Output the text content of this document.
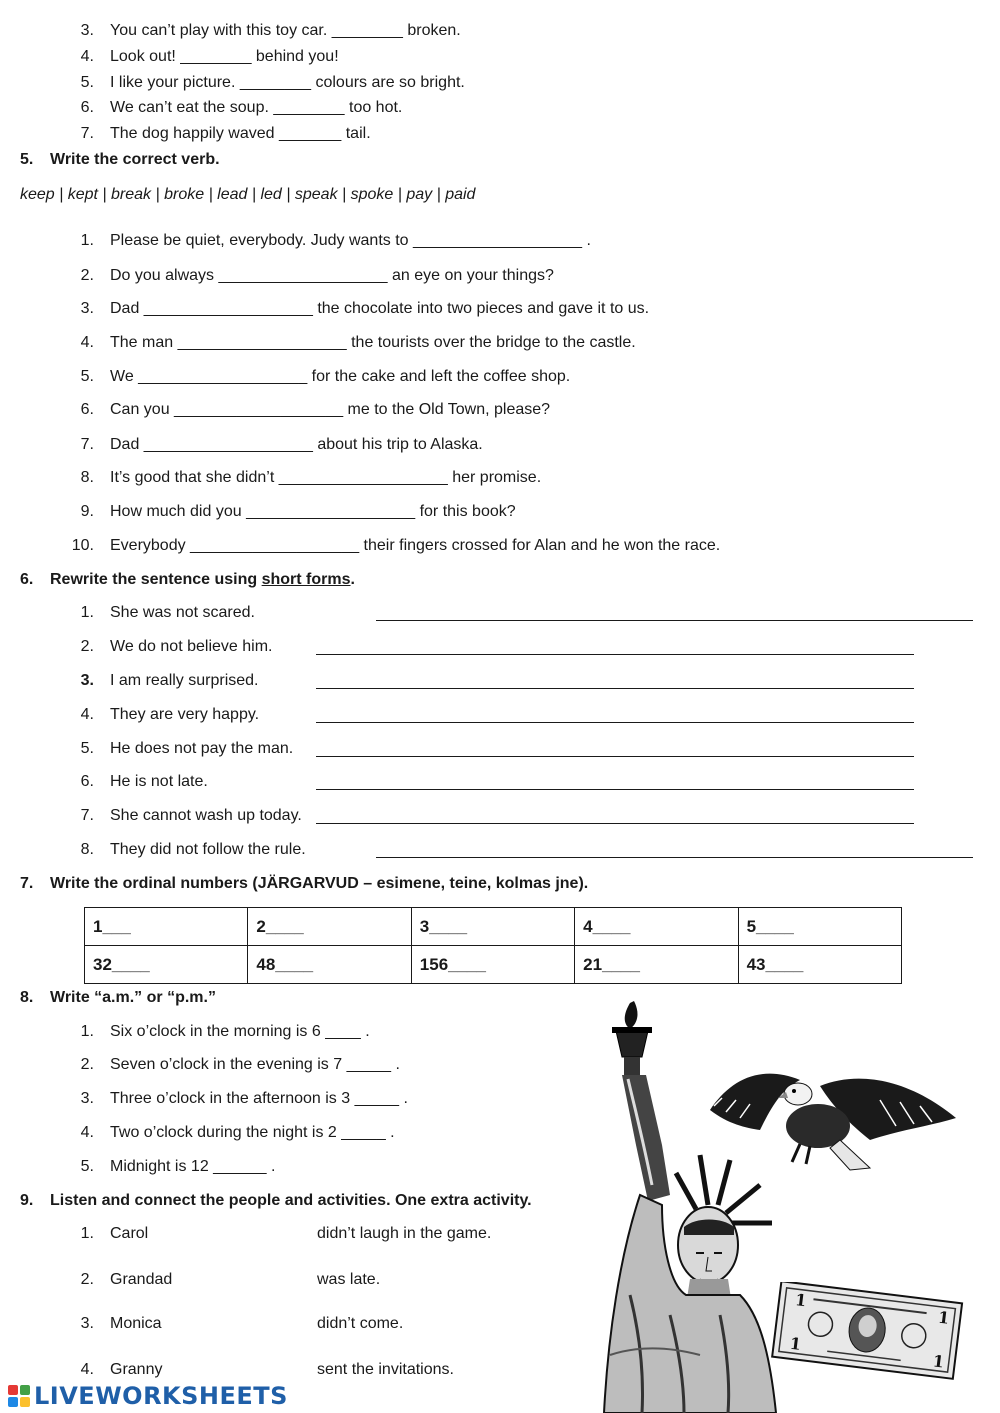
3. You can’t play with this toy car. ________ broken.
4. Look out! ________ behind you!
5. I like your picture. ________ colours are so bright.
6. We can’t eat the soup. ________ too hot.
7. The dog happily waved _______ tail.
5. Write the correct verb.
keep | kept | break | broke | lead | led | speak | spoke | pay | paid
1. Please be quiet, everybody. Judy wants to ___________________ .
2. Do you always ___________________ an eye on your things?
3. Dad ___________________ the chocolate into two pieces and gave it to us.
4. The man ___________________ the tourists over the bridge to the castle.
5. We ___________________ for the cake and left the coffee shop.
6. Can you ___________________ me to the Old Town, please?
7. Dad ___________________ about his trip to Alaska.
8. It’s good that she didn’t ___________________ her promise.
9. How much did you ___________________ for this book?
10. Everybody ___________________ their fingers crossed for Alan and he won the race.
6. Rewrite the sentence using short forms.
1. She was not scared.
2. We do not believe him.
3. I am really surprised.
4. They are very happy.
5. He does not pay the man.
6. He is not late.
7. She cannot wash up today.
8. They did not follow the rule.
7. Write the ordinal numbers (JÄRGARVUD – esimene, teine, kolmas jne).
1___	2____	3____	4____	5____
32____	48____	156____	21____	43____
8. Write “a.m.” or “p.m.”
1. Six o’clock in the morning is 6 ____ .
2. Seven o’clock in the evening is 7 _____ .
3. Three o’clock in the afternoon is 3 _____ .
4. Two o’clock during the night is 2 _____ .
5. Midnight is 12 ______ .
9. Listen and connect the people and activities. One extra activity.
1. Carol	didn’t laugh in the game.
2. Grandad	was late.
3. Monica	didn’t come.
4. Granny	sent the invitations.
1
1
1
1
LIVEWORKSHEETS
